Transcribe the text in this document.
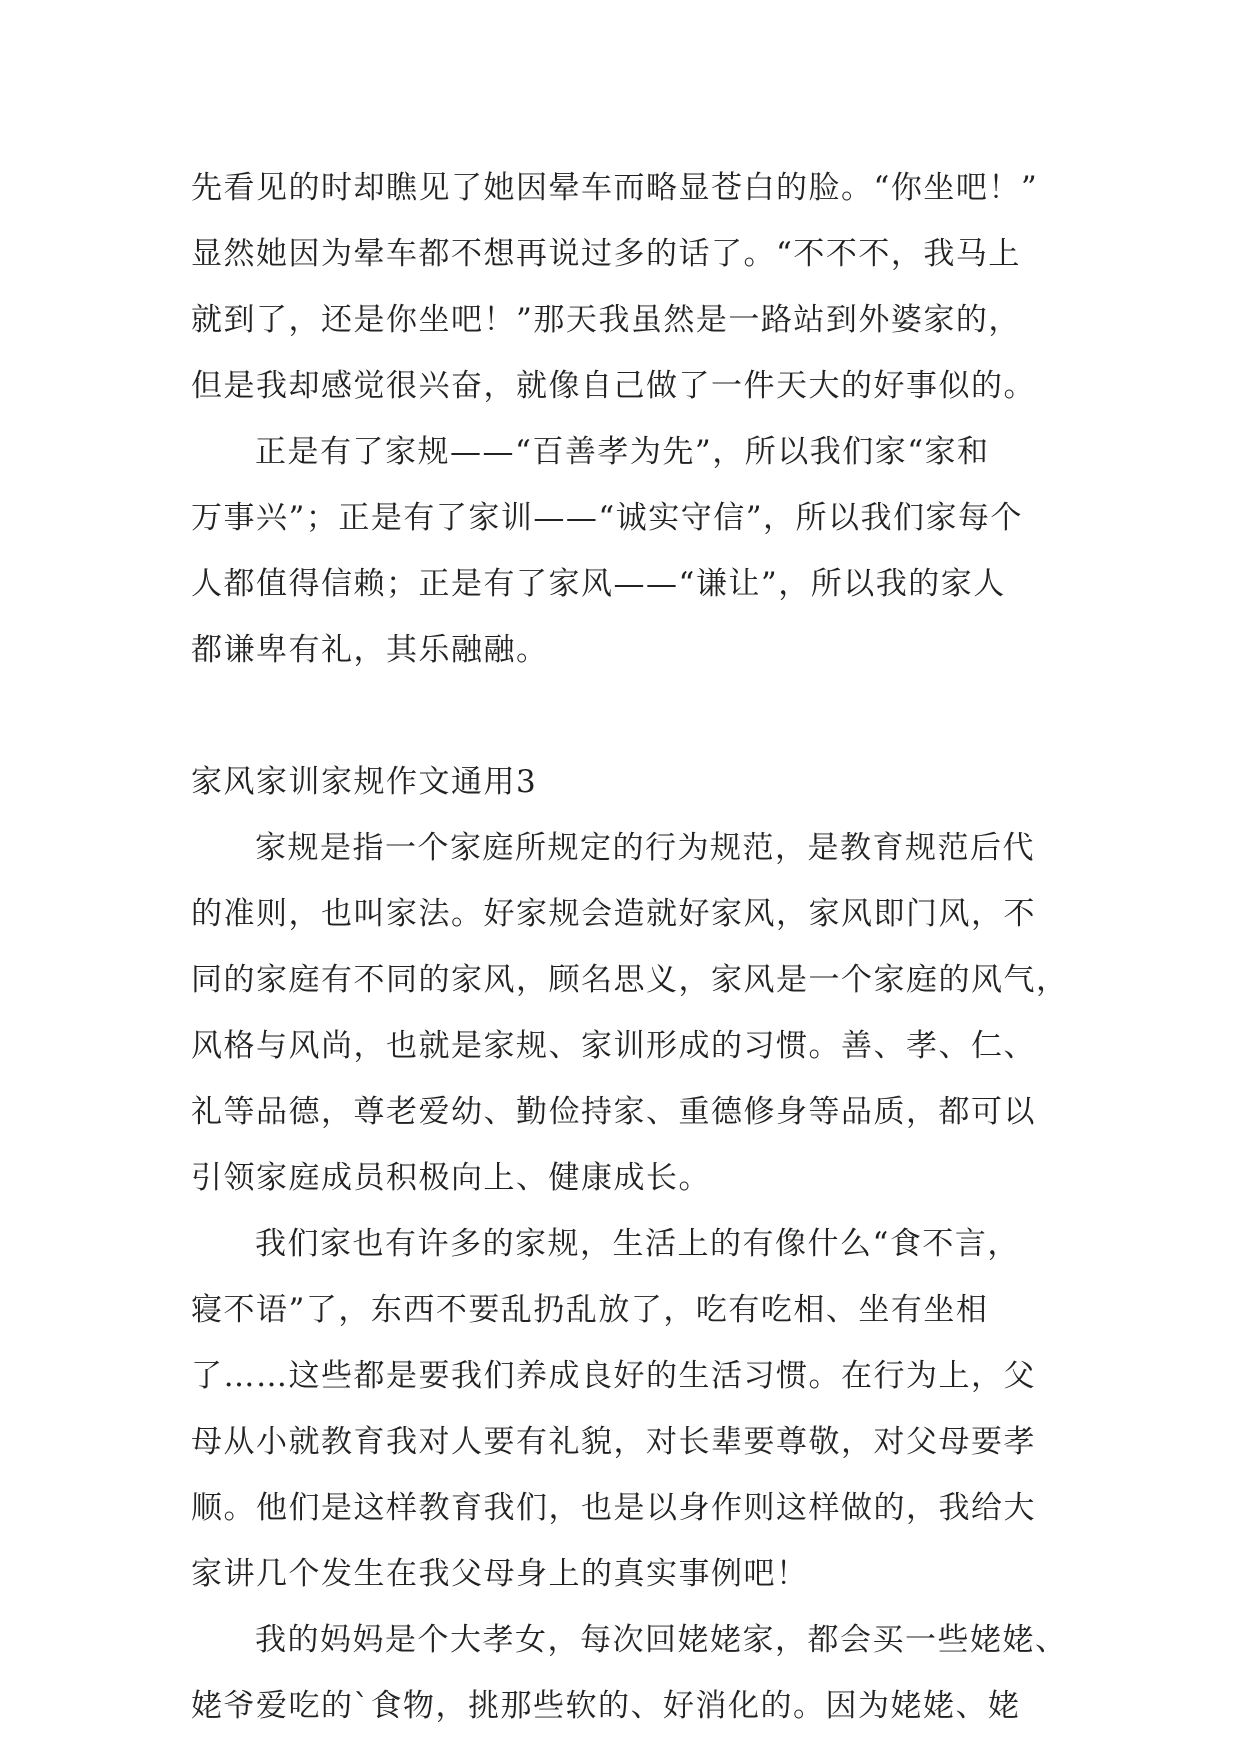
先看见的时却瞧见了她因晕车而略显苍白的脸。“你坐吧！”
显然她因为晕车都不想再说过多的话了。“不不不，我马上
就到了，还是你坐吧！”那天我虽然是一路站到外婆家的，
但是我却感觉很兴奋，就像自己做了一件天大的好事似的。
正是有了家规——“百善孝为先”，所以我们家“家和
万事兴”；正是有了家训——“诚实守信”，所以我们家每个
人都值得信赖；正是有了家风——“谦让”，所以我的家人
都谦卑有礼，其乐融融。
家风家训家规作文通用3
家规是指一个家庭所规定的行为规范，是教育规范后代
的准则，也叫家法。好家规会造就好家风，家风即门风，不
同的家庭有不同的家风，顾名思义，家风是一个家庭的风气，
风格与风尚，也就是家规、家训形成的习惯。善、孝、仁、
礼等品德，尊老爱幼、勤俭持家、重德修身等品质，都可以
引领家庭成员积极向上、健康成长。
我们家也有许多的家规，生活上的有像什么“食不言，
寝不语”了，东西不要乱扔乱放了，吃有吃相、坐有坐相
了……这些都是要我们养成良好的生活习惯。在行为上，父
母从小就教育我对人要有礼貌，对长辈要尊敬，对父母要孝
顺。他们是这样教育我们，也是以身作则这样做的，我给大
家讲几个发生在我父母身上的真实事例吧！
我的妈妈是个大孝女，每次回姥姥家，都会买一些姥姥、
姥爷爱吃的`食物，挑那些软的、好消化的。因为姥姥、姥
